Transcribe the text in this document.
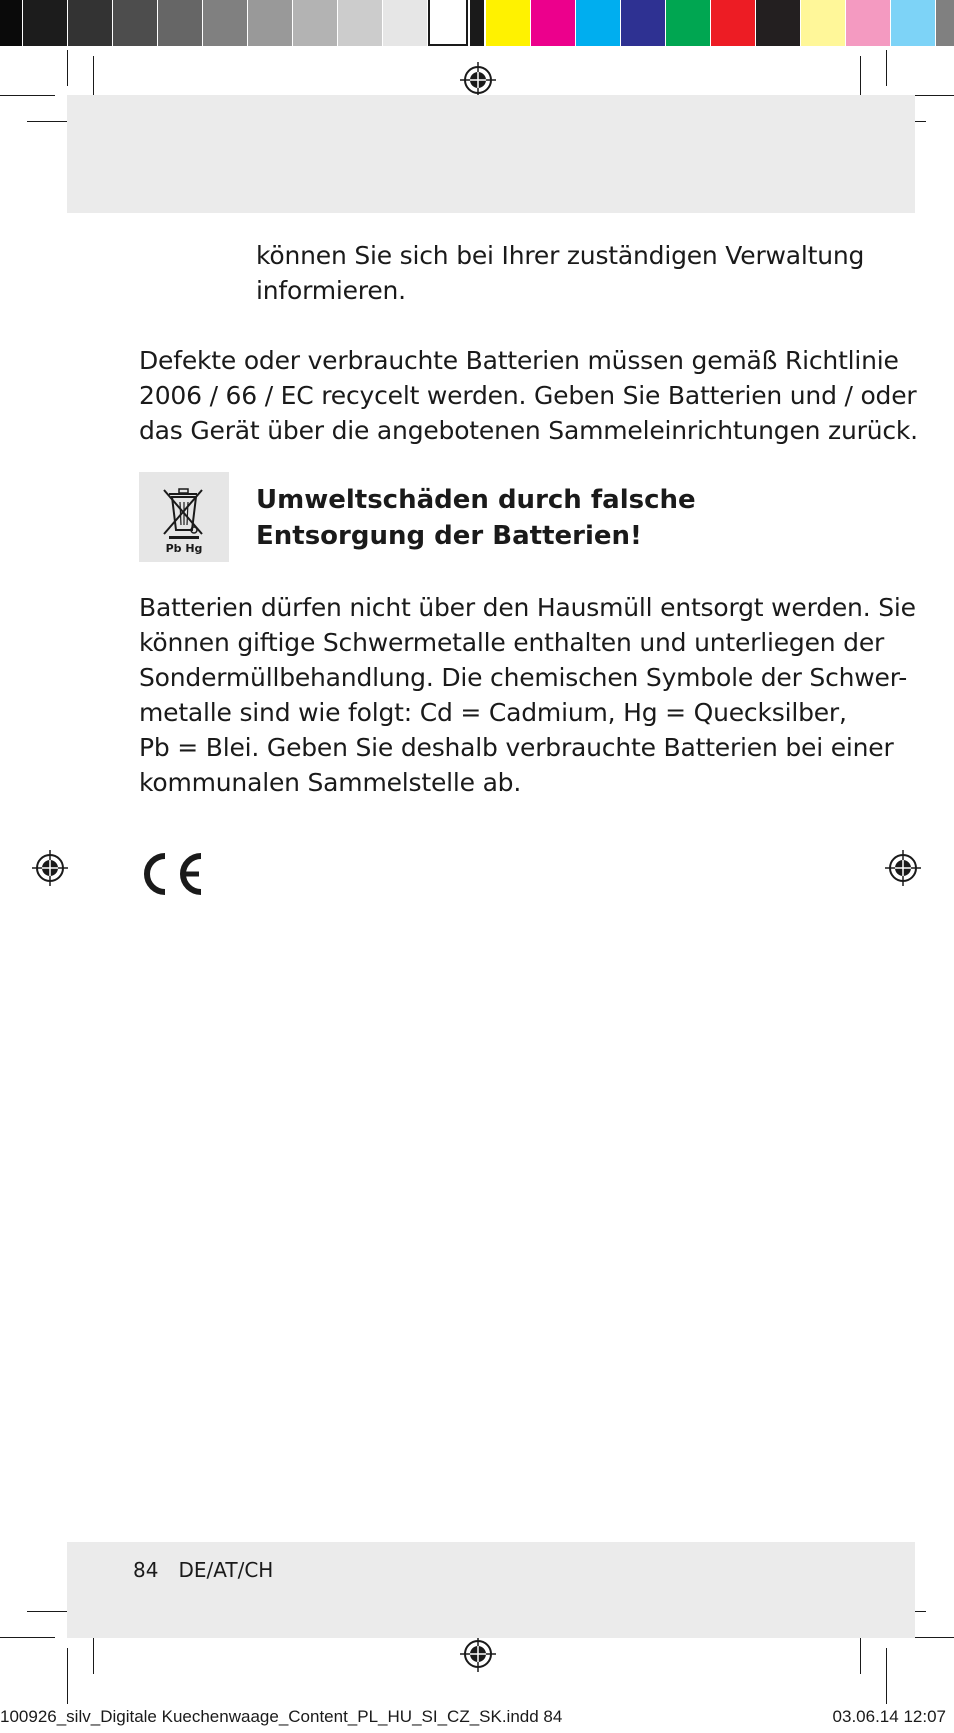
können Sie sich bei Ihrer zuständigen Verwaltung
informieren.
Defekte oder verbrauchte Batterien müssen gemäß Richtlinie
2006 / 66 / EC recycelt werden. Geben Sie Batterien und / oder
das Gerät über die angebotenen Sammeleinrichtungen zurück.
Pb Hg
Umweltschäden durch falsche
Entsorgung der Batterien!
Batterien dürfen nicht über den Hausmüll entsorgt werden. Sie
können giftige Schwermetalle enthalten und unterliegen der
Sondermüllbehandlung. Die chemischen Symbole der Schwer-
metalle sind wie folgt: Cd = Cadmium, Hg = Quecksilber,
Pb = Blei. Geben Sie deshalb verbrauchte Batterien bei einer
kommunalen Sammelstelle ab.
84 DE/AT/CH
100926_silv_Digitale Kuechenwaage_Content_PL_HU_SI_CZ_SK.indd 84	03.06.14 12:07
